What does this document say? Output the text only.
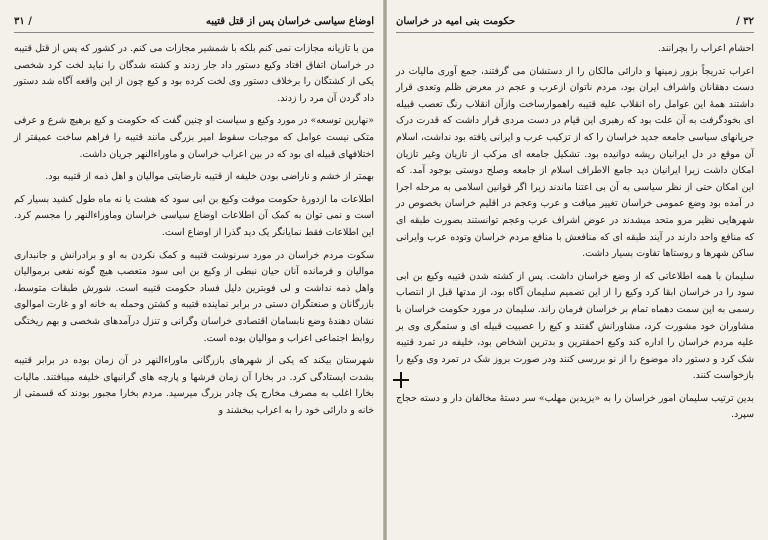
اوضاع سیاسی خراسان پس از قتل قتیبه
/ ۳۱

من با تازیانه مجازات نمی کنم بلکه با شمشیر مجازات می کنم. در کشور که پس از قتل قتیبه در خراسان اتفاق افتاد وکیع دستور داد جار زدند و کشته شدگان را نباید لخت کرد شخصی یکی از کشتگان را برخلاف دستور وی لخت کرده بود و کیع چون از این واقعه آگاه شد دستور داد گردن آن مرد را زدند.

«نهارین توسعه» در مورد وکیع و سیاست او چنین گفت که حکومت و کیع برهیچ شرع و عرفی متکی نیست عوامل که موجبات سقوط امیر بزرگی مانند قتیبه را فراهم ساخت عمیقتر از اختلافهای قبیله ای بود که در بین اعراب خراسان و ماوراءالنهر جریان داشت.

بهمتر از خشم و ناراضی بودن خلیفه از قتیبه نارضایتی موالیان و اهل ذمه از قتیبه بود.

اطلاعات ما ازدورهٔ حکومت موقت وکیع بن ابی سود که هشت یا نه ماه طول کشید بسیار کم است و نمی توان به کمک آن اطلاعات اوضاع سیاسی خراسان وماوراءالنهر را مجسم کرد. این اطلاعات فقط نمایانگر یک دید گذرا از اوضاع است.

سکوت مردم خراسان در مورد سرنوشت قتیبه و کمک نکردن به او و برادرانش و جانبداری موالیان و فرمانده آنان حیان نبطی از وکیع بن ابی سود متعصب هیچ گونه نفعی برموالیان واهل ذمه نداشت و لی فوبترین دلیل فساد حکومت قتیبه است. شورش طبقات متوسط، بازرگانان و صنعتگران دستی در برابر نماینده قتیبه و کشتن وحمله به خانه او و غارت اموالوی نشان دهندهٔ وضع نابسامان اقتصادی خراسان وگرانی و تنزل درآمدهای شخصی و بهم ریختگی روابط اجتماعی اعراب و موالیان بوده است.

شهرستان بیکند که یکی از شهرهای بازرگانی ماوراءالنهر در آن زمان بوده در برابر قتیبه بشدت ایستادگی کرد. در بخارا آن زمان فرشها و پارچه های گرانبهای خلیفه میبافتند. مالیات بخارا اغلب به مصرف مخارج یک چادر بزرگ میرسید. مردم بخارا مجبور بودند که قسمتی از خانه و دارائی خود را به اعراب ببخشند و

۳۲ /
حکومت بنی امیه در خراسان

احشام اعراب را بچرانند.

اعراب تدریجاً بزور زمینها و دارائی مالکان را از دستشان می گرفتند، جمع آوری مالیات در دست دهقانان واشراف ایران بود، مردم ناتوان ازعرب و عجم در معرض ظلم وتعدی قرار داشتند همهٔ این عوامل راه انقلاب علیه قتیبه راهموارساخت وازآن انقلاب رنگ تعصب قبیله ای بخودگرفت به آن علت بود که رهبری این قیام در دست مردی قرار داشت که قدرت درک جریانهای سیاسی جامعه جدید خراسان را که از تزکیب عرب و ایرانی یافته بود نداشت، اسلام آن موقع در دل ایرانیان ریشه دوانیده بود. تشکیل جامعه ای مرکب از تازیان وغیر تازیان امکان داشت زیرا ایرانیان دید جامع الاطراف اسلام از جامعه وصلح دوستی بوجود آمد. که این امکان حتی از نظر سیاسی به آن بی اعتنا ماندند زیرا اگر قوانین اسلامی به مرحله اجرا در آمده بود وضع عمومی خراسان تغییر میافت و عرب وعجم در اقلیم خراسان بخصوص در شهرهایی نظیر مرو متحد میشدند در عوض اشراف عرب وعجم توانستند بصورت طبقه ای که منافع واحد دارند در آیند طبقه ای که منافعش با منافع مردم خراسان وتوده عرب وایرانی ساکن شهرها و روستاها تفاوت بسیار داشت.

سلیمان با همه اطلاعاتی که از وضع خراسان داشت. پس از کشته شدن قتیبه وکیع بن ابی سود را در خراسان ابقا کرد وکیع را از این تصمیم سلیمان آگاه بود، از مدتها قبل از انتصاب رسمی به این سمت دهماه تمام بر خراسان فرمان راند. سلیمان در مورد حکومت خراسان با مشاوران خود مشورت کرد، مشاورانش گفتند و کیع را عصبیت قبیله ای و ستمگری وی بر علیه مردم خراسان را اداره کند وکیع احمقترین و بدترین اشخاص بود، خلیفه در تمرد قتیبه شک کرد و دستور داد موضوع را از نو بررسی کنند ودر صورت بروز شک در تمرد وی وکیع را بازخواست کنند.

بدین ترتیب سلیمان امور خراسان را به «یزیدبن مهلب» سر دستهٔ مخالفان دار و دسته حجاج سپرد.
